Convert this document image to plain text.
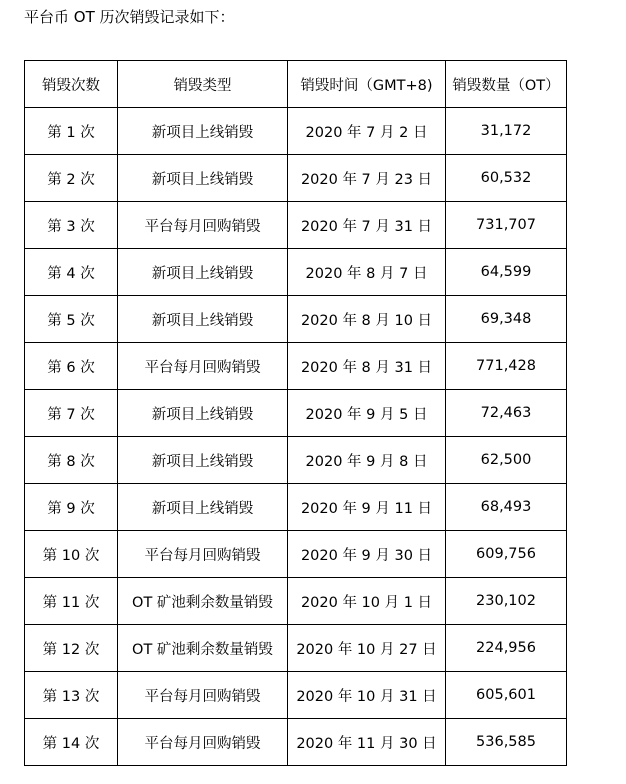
平台币 OT 历次销毁记录如下：
销毁次数	销毁类型	销毁时间（GMT+8)	销毁数量（OT）
第 1 次	新项目上线销毁	2020 年 7 月 2 日	31,172
第 2 次	新项目上线销毁	2020 年 7 月 23 日	60,532
第 3 次	平台每月回购销毁	2020 年 7 月 31 日	731,707
第 4 次	新项目上线销毁	2020 年 8 月 7 日	64,599
第 5 次	新项目上线销毁	2020 年 8 月 10 日	69,348
第 6 次	平台每月回购销毁	2020 年 8 月 31 日	771,428
第 7 次	新项目上线销毁	2020 年 9 月 5 日	72,463
第 8 次	新项目上线销毁	2020 年 9 月 8 日	62,500
第 9 次	新项目上线销毁	2020 年 9 月 11 日	68,493
第 10 次	平台每月回购销毁	2020 年 9 月 30 日	609,756
第 11 次	OT 矿池剩余数量销毁	2020 年 10 月 1 日	230,102
第 12 次	OT 矿池剩余数量销毁	2020 年 10 月 27 日	224,956
第 13 次	平台每月回购销毁	2020 年 10 月 31 日	605,601
第 14 次	平台每月回购销毁	2020 年 11 月 30 日	536,585
